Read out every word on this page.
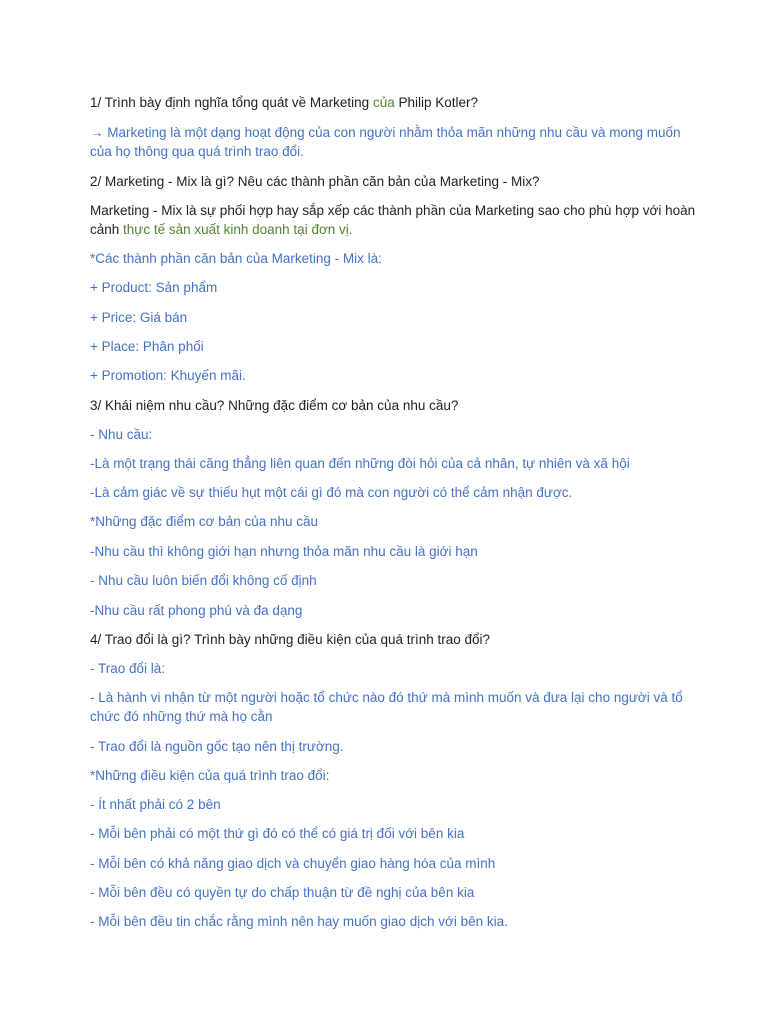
1/ Trình bày định nghĩa tổng quát về Marketing của Philip Kotler?

→ Marketing là một dạng hoạt động của con người nhằm thỏa mãn những nhu cầu và mong muốn của họ thông qua quá trình trao đổi.

2/ Marketing - Mix là gì? Nêu các thành phần căn bản của Marketing - Mix?

Marketing - Mix là sự phối hợp hay sắp xếp các thành phần của Marketing sao cho phù hợp với hoàn cảnh thực tế sản xuất kinh doanh tại đơn vị.

*Các thành phần căn bản của Marketing - Mix là:

+ Product: Sản phẩm

+ Price: Giá bán

+ Place: Phân phối

+ Promotion: Khuyến mãi.

3/ Khái niệm nhu cầu? Những đặc điểm cơ bản của nhu cầu?

- Nhu cầu:

-Là một trạng thái căng thẳng liên quan đến những đòi hỏi của cả nhân, tự nhiên và xã hội

-Là cảm giác về sự thiếu hụt một cái gì đó mà con người có thể cảm nhận được.

*Những đặc điểm cơ bản của nhu cầu

-Nhu cầu thì không giới hạn nhưng thỏa mãn nhu cầu là giới hạn

- Nhu cầu luôn biến đổi không cố định

-Nhu cầu rất phong phú và đa dạng

4/ Trao đổi là gì? Trình bày những điều kiện của quá trình trao đổi?

- Trao đổi là:

- Là hành vi nhận từ một người hoặc tổ chức nào đó thứ mà mình muốn và đưa lại cho người và tổ chức đó những thứ mà họ cằn

- Trao đổi là nguồn gốc tạo nên thị trường.

*Những điều kiện của quá trình trao đổi:

- Ít nhất phải có 2 bên

- Mỗi bên phải có một thứ gì đó có thể có giá trị đối với bên kia

- Mỗi bên có khả năng giao dịch và chuyển giao hàng hóa của mình

- Mỗi bên đều có quyền tự do chấp thuận từ đề nghị của bên kia

- Mỗi bên đều tin chắc rằng mình nên hay muốn giao dịch với bên kia.
